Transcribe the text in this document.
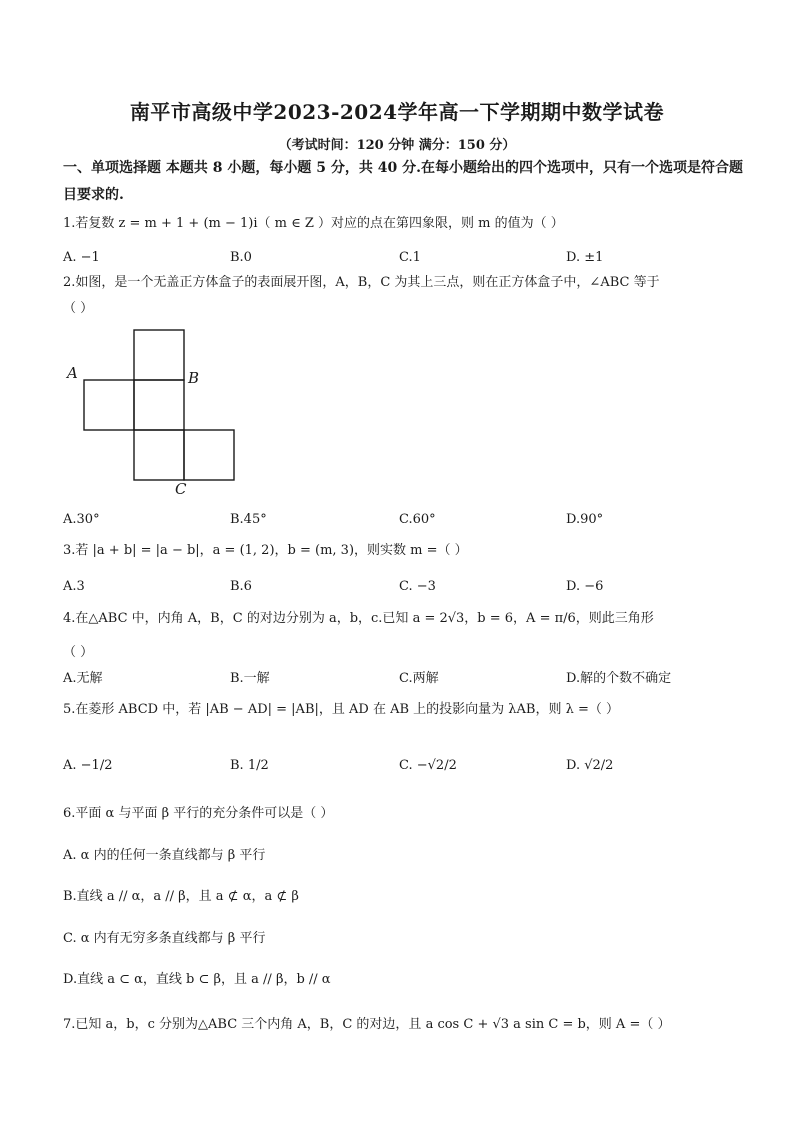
南平市高级中学2023-2024学年高一下学期期中数学试卷
（考试时间：120 分钟 满分：150 分）
一、单项选择题 本题共 8 小题，每小题 5 分，共 40 分.在每小题给出的四个选项中，只有一个选项是符合题目要求的.
1.若复数 z = m + 1 + (m − 1)i（ m ∈ Z ）对应的点在第四象限，则 m 的值为（ ）
A. −1	B.0	C.1	D. ±1
2.如图，是一个无盖正方体盒子的表面展开图，A，B，C 为其上三点，则在正方体盒子中，∠ABC 等于
（ ）
A	B
C
A.30°	B.45°	C.60°	D.90°
3.若 |a + b| = |a − b|，a = (1, 2)，b = (m, 3)，则实数 m =（ ）
A.3	B.6	C. −3	D. −6
4.在△ABC 中，内角 A，B，C 的对边分别为 a，b，c.已知 a = 2√3，b = 6，A = π/6，则此三角形
（ ）
A.无解	B.一解	C.两解	D.解的个数不确定
5.在菱形 ABCD 中，若 |AB − AD| = |AB|，且 AD 在 AB 上的投影向量为 λAB，则 λ =（ ）
A. −1/2	B. 1/2	C. −√2/2	D. √2/2
6.平面 α 与平面 β 平行的充分条件可以是（ ）
A. α 内的任何一条直线都与 β 平行
B.直线 a // α，a // β，且 a ⊄ α，a ⊄ β
C. α 内有无穷多条直线都与 β 平行
D.直线 a ⊂ α，直线 b ⊂ β，且 a // β，b // α
7.已知 a，b，c 分别为△ABC 三个内角 A，B，C 的对边，且 a cos C + √3 a sin C = b，则 A =（ ）
